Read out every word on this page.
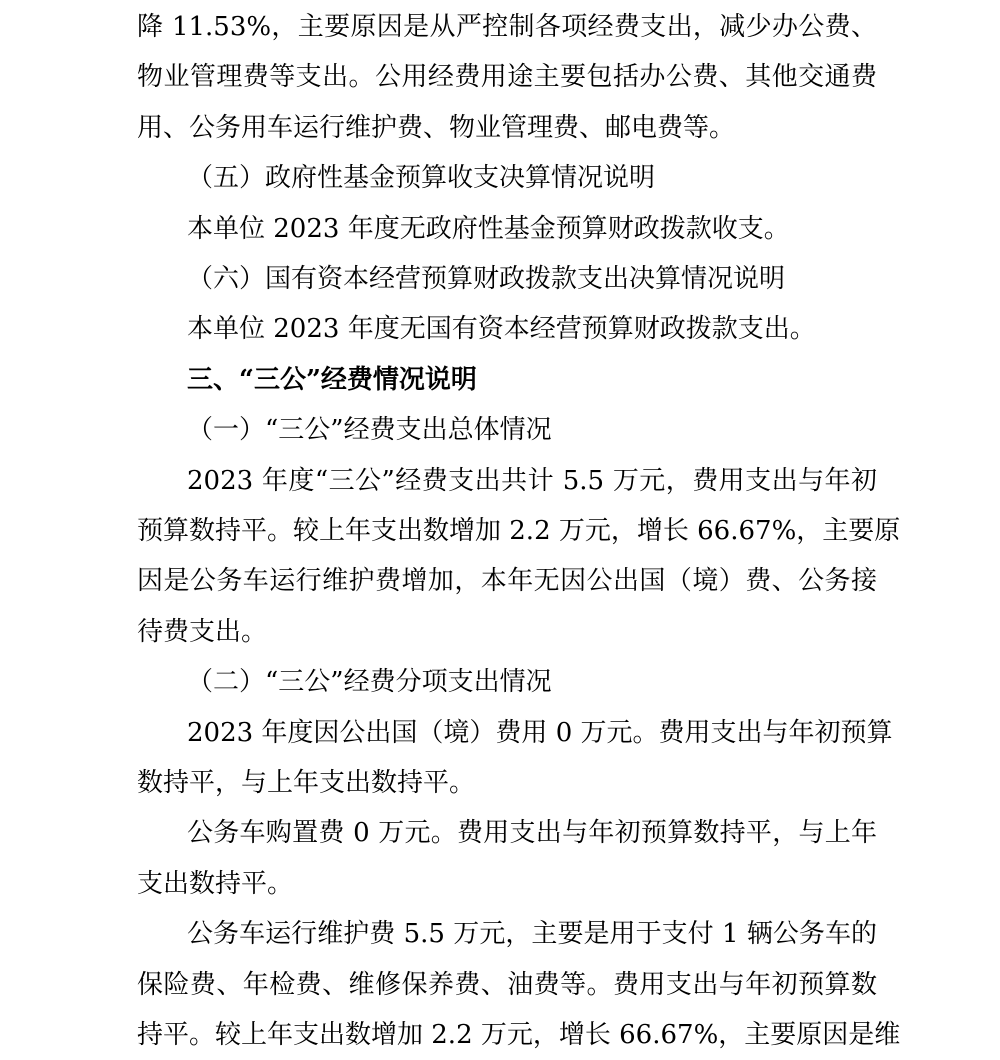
降 11.53%，主要原因是从严控制各项经费支出，减少办公费、
物业管理费等支出。公用经费用途主要包括办公费、其他交通费
用、公务用车运行维护费、物业管理费、邮电费等。
（五）政府性基金预算收支决算情况说明
本单位 2023 年度无政府性基金预算财政拨款收支。
（六）国有资本经营预算财政拨款支出决算情况说明
本单位 2023 年度无国有资本经营预算财政拨款支出。
三、“三公”经费情况说明
（一）“三公”经费支出总体情况
2023 年度“三公”经费支出共计 5.5 万元，费用支出与年初
预算数持平。较上年支出数增加 2.2 万元，增长 66.67%，主要原
因是公务车运行维护费增加，本年无因公出国（境）费、公务接
待费支出。
（二）“三公”经费分项支出情况
2023 年度因公出国（境）费用 0 万元。费用支出与年初预算
数持平，与上年支出数持平。
公务车购置费 0 万元。费用支出与年初预算数持平，与上年
支出数持平。
公务车运行维护费 5.5 万元，主要是用于支付 1 辆公务车的
保险费、年检费、维修保养费、油费等。费用支出与年初预算数
持平。较上年支出数增加 2.2 万元，增长 66.67%，主要原因是维
